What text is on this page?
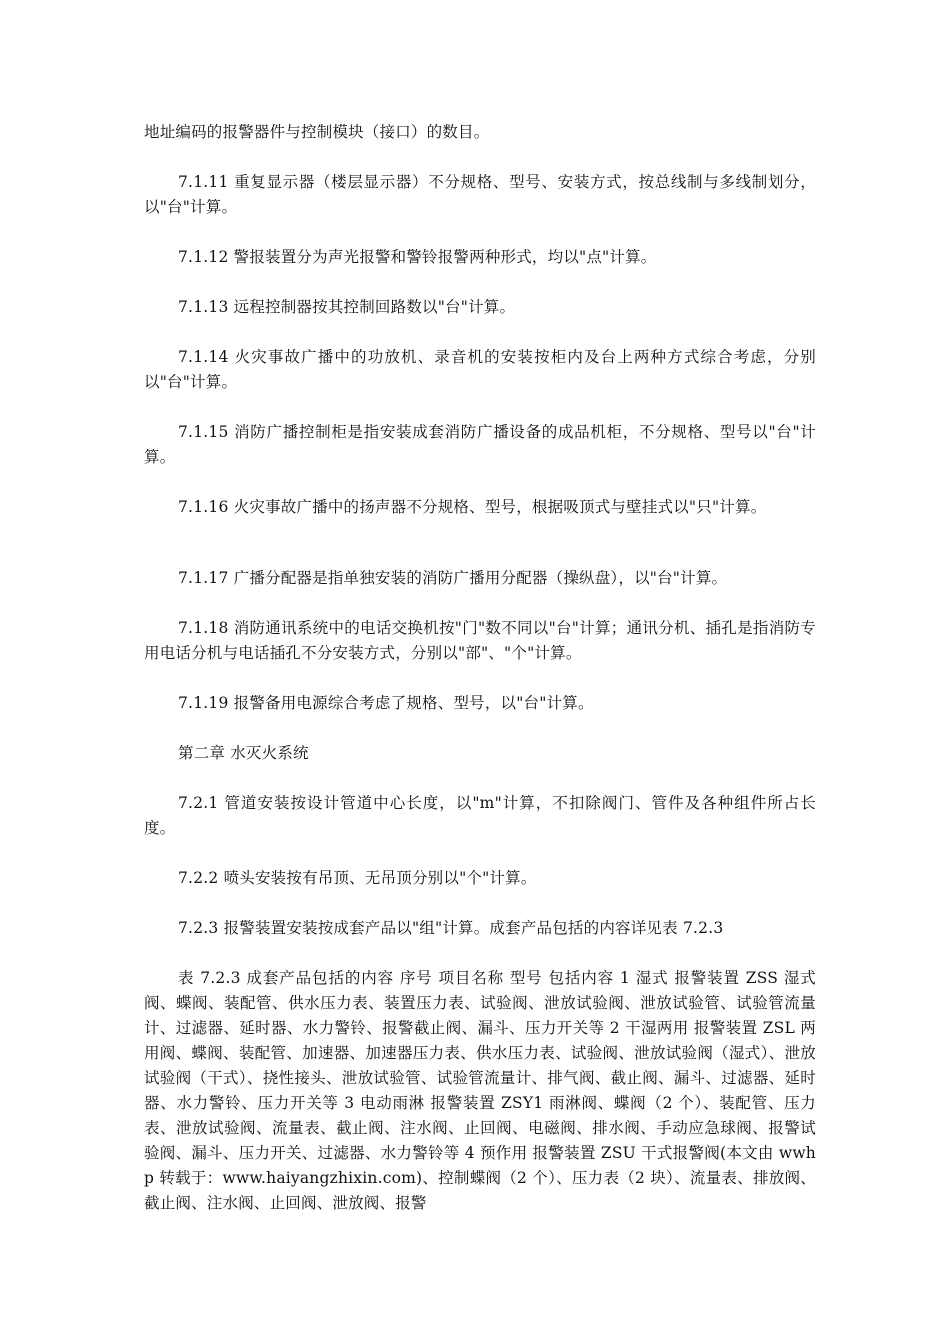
地址编码的报警器件与控制模块（接口）的数目。

7.1.11 重复显示器（楼层显示器）不分规格、型号、安装方式，按总线制与多线制划分，以"台"计算。

7.1.12 警报装置分为声光报警和警铃报警两种形式，均以"点"计算。

7.1.13 远程控制器按其控制回路数以"台"计算。

7.1.14 火灾事故广播中的功放机、录音机的安装按柜内及台上两种方式综合考虑，分别以"台"计算。

7.1.15 消防广播控制柜是指安装成套消防广播设备的成品机柜，不分规格、型号以"台"计算。

7.1.16 火灾事故广播中的扬声器不分规格、型号，根据吸顶式与壁挂式以"只"计算。

7.1.17 广播分配器是指单独安装的消防广播用分配器（操纵盘），以"台"计算。

7.1.18 消防通讯系统中的电话交换机按"门"数不同以"台"计算；通讯分机、插孔是指消防专用电话分机与电话插孔不分安装方式，分别以"部"、"个"计算。

7.1.19 报警备用电源综合考虑了规格、型号，以"台"计算。

第二章 水灭火系统

7.2.1 管道安装按设计管道中心长度，以"m"计算，不扣除阀门、管件及各种组件所占长度。

7.2.2 喷头安装按有吊顶、无吊顶分别以"个"计算。

7.2.3 报警装置安装按成套产品以"组"计算。成套产品包括的内容详见表 7.2.3

表 7.2.3 成套产品包括的内容 序号 项目名称 型号 包括内容 1 湿式 报警装置 ZSS 湿式阀、蝶阀、装配管、供水压力表、装置压力表、试验阀、泄放试验阀、泄放试验管、试验管流量计、过滤器、延时器、水力警铃、报警截止阀、漏斗、压力开关等 2 干湿两用 报警装置 ZSL 两用阀、蝶阀、装配管、加速器、加速器压力表、供水压力表、试验阀、泄放试验阀（湿式）、泄放试验阀（干式）、挠性接头、泄放试验管、试验管流量计、排气阀、截止阀、漏斗、过滤器、延时器、水力警铃、压力开关等 3 电动雨淋 报警装置 ZSY1 雨淋阀、蝶阀（2 个）、装配管、压力表、泄放试验阀、流量表、截止阀、注水阀、止回阀、电磁阀、排水阀、手动应急球阀、报警试验阀、漏斗、压力开关、过滤器、水力警铃等 4 预作用 报警装置 ZSU 干式报警阀(本文由 wwhp 转载于：www.haiyangzhixin.com)、控制蝶阀（2 个）、压力表（2 块）、流量表、排放阀、截止阀、注水阀、止回阀、泄放阀、报警
